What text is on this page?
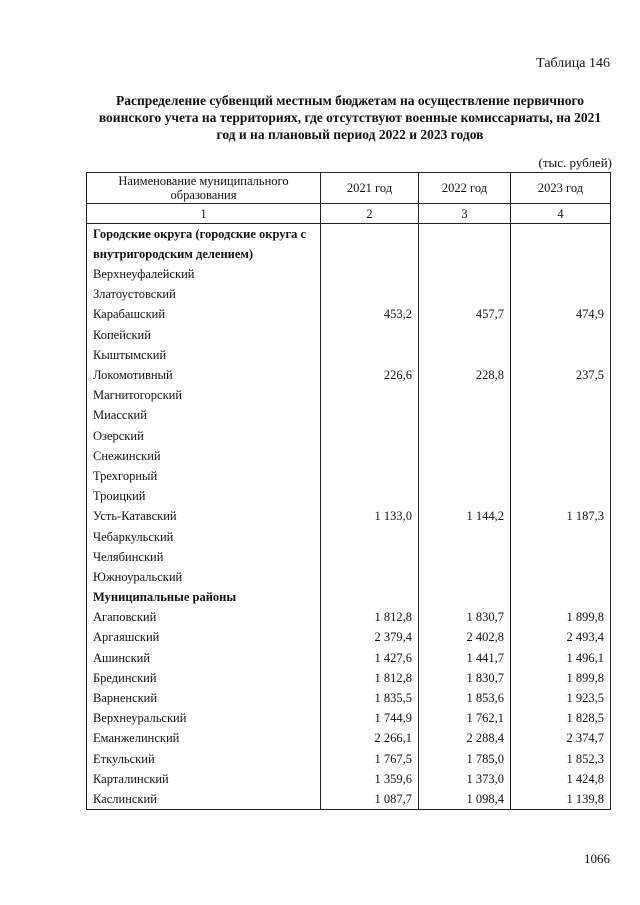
Таблица 146
Распределение субвенций местным бюджетам на осуществление первичного воинского учета на территориях, где отсутствуют военные комиссариаты, на 2021 год и на плановый период 2022 и 2023 годов
(тыс. рублей)
Наименование муниципального образования	2021 год	2022 год	2023 год
1	2	3	4
Городские округа (городские округа с внутригородским делением)			
Верхнеуфалейский			
Златоустовский			
Карабашский	453,2	457,7	474,9
Копейский			
Кыштымский			
Локомотивный	226,6	228,8	237,5
Магнитогорский			
Миасский			
Озерский			
Снежинский			
Трехгорный			
Троицкий			
Усть-Катавский	1 133,0	1 144,2	1 187,3
Чебаркульский			
Челябинский			
Южноуральский			
Муниципальные районы			
Агаповский	1 812,8	1 830,7	1 899,8
Аргаяшский	2 379,4	2 402,8	2 493,4
Ашинский	1 427,6	1 441,7	1 496,1
Брединский	1 812,8	1 830,7	1 899,8
Варненский	1 835,5	1 853,6	1 923,5
Верхнеуральский	1 744,9	1 762,1	1 828,5
Еманжелинский	2 266,1	2 288,4	2 374,7
Еткульский	1 767,5	1 785,0	1 852,3
Карталинский	1 359,6	1 373,0	1 424,8
Каслинский	1 087,7	1 098,4	1 139,8
1066
